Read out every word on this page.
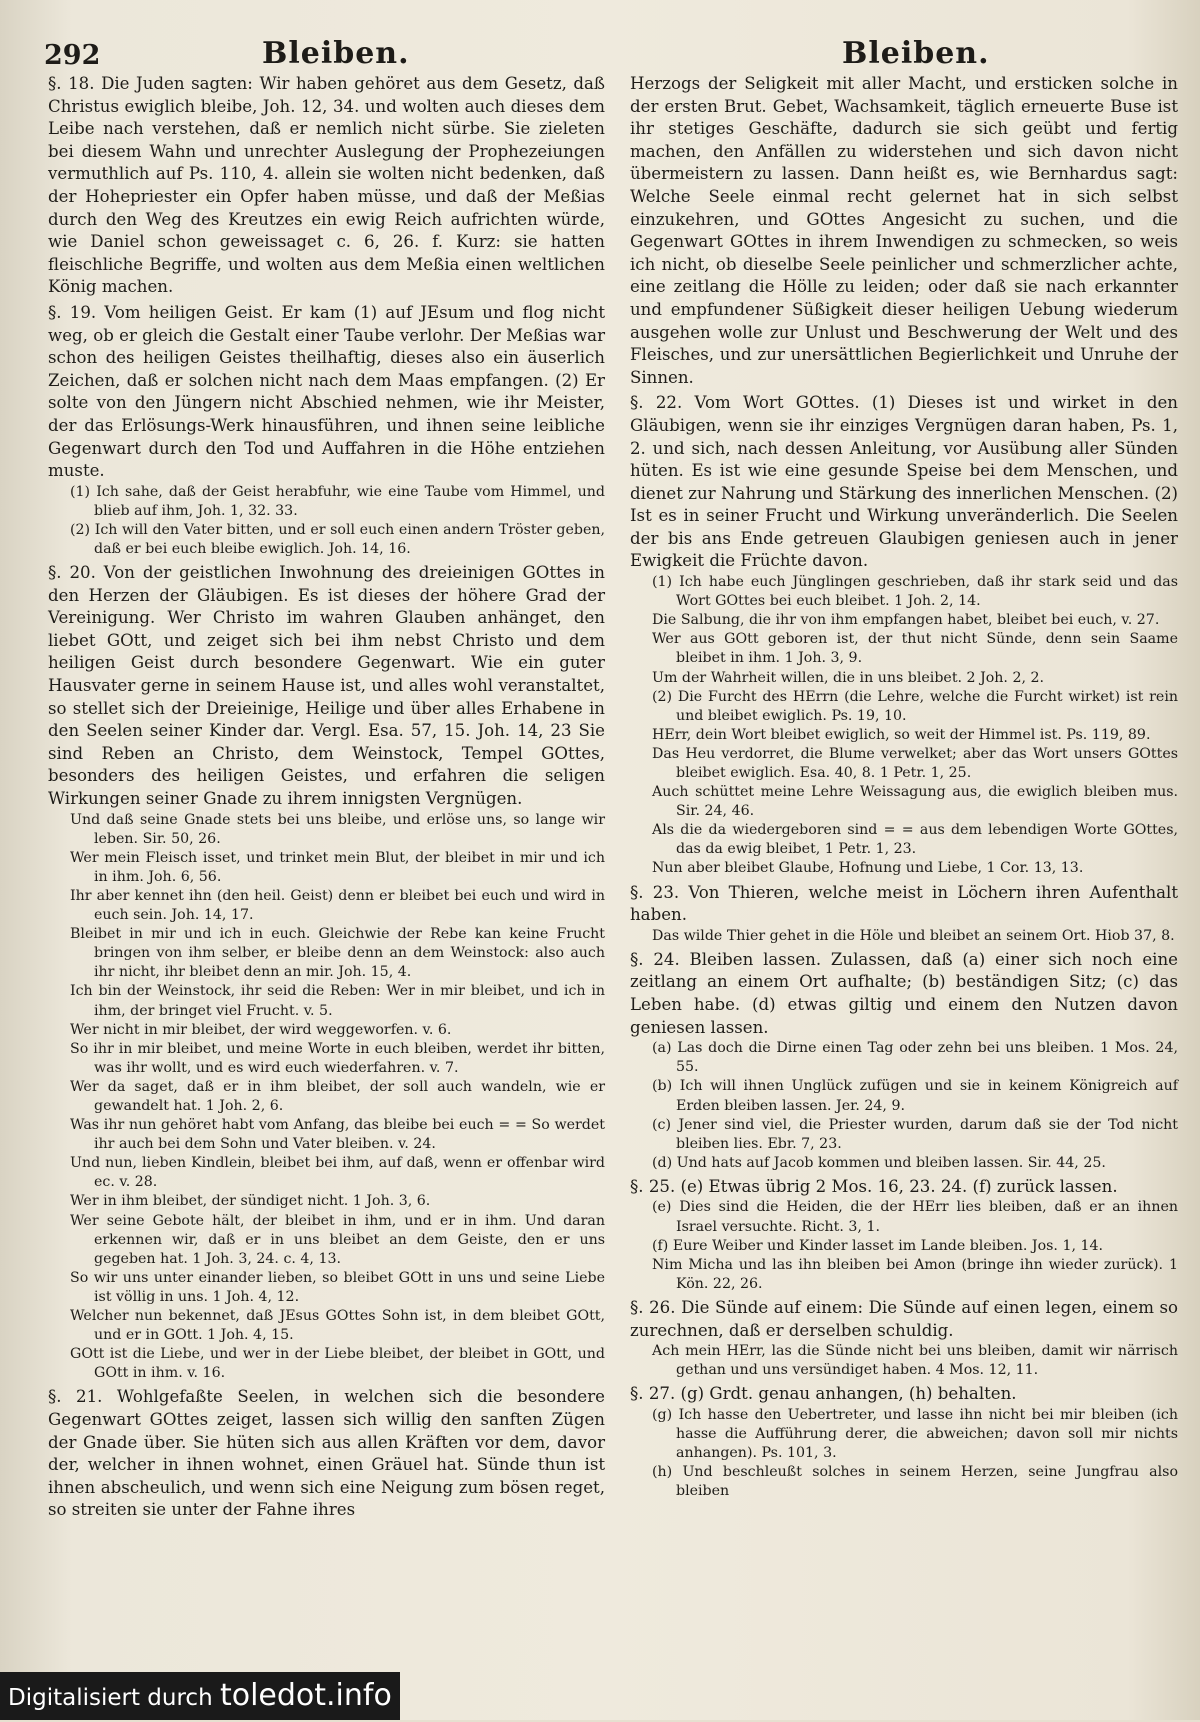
292	Bleiben.	Bleiben.

§. 18. Die Juden sagten: Wir haben gehöret aus dem Gesetz, daß Christus ewiglich bleibe, Joh. 12, 34. und wolten auch dieses dem Leibe nach verstehen, daß er nemlich nicht sürbe. Sie zieleten bei diesem Wahn und unrechter Auslegung der Prophezeiungen vermuthlich auf Ps. 110, 4. allein sie wolten nicht bedenken, daß der Hohepriester ein Opfer haben müsse, und daß der Meßias durch den Weg des Kreutzes ein ewig Reich aufrichten würde, wie Daniel schon geweissaget c. 6, 26. f. Kurz: sie hatten fleischliche Begriffe, und wolten aus dem Meßia einen weltlichen König machen.

§. 19. Vom heiligen Geist. Er kam (1) auf JEsum und flog nicht weg, ob er gleich die Gestalt einer Taube verlohr. Der Meßias war schon des heiligen Geistes theilhaftig, dieses also ein äuserlich Zeichen, daß er solchen nicht nach dem Maas empfangen. (2) Er solte von den Jüngern nicht Abschied nehmen, wie ihr Meister, der das Erlösungs-Werk hinausführen, und ihnen seine leibliche Gegenwart durch den Tod und Auffahren in die Höhe entziehen muste.

(1) Ich sahe, daß der Geist herabfuhr, wie eine Taube vom Himmel, und blieb auf ihm, Joh. 1, 32. 33.

(2) Ich will den Vater bitten, und er soll euch einen andern Tröster geben, daß er bei euch bleibe ewiglich. Joh. 14, 16.

§. 20. Von der geistlichen Inwohnung des dreieinigen GOttes in den Herzen der Gläubigen. Es ist dieses der höhere Grad der Vereinigung. Wer Christo im wahren Glauben anhänget, den liebet GOtt, und zeiget sich bei ihm nebst Christo und dem heiligen Geist durch besondere Gegenwart. Wie ein guter Hausvater gerne in seinem Hause ist, und alles wohl veranstaltet, so stellet sich der Dreieinige, Heilige und über alles Erhabene in den Seelen seiner Kinder dar. Vergl. Esa. 57, 15. Joh. 14, 23 Sie sind Reben an Christo, dem Weinstock, Tempel GOttes, besonders des heiligen Geistes, und erfahren die seligen Wirkungen seiner Gnade zu ihrem innigsten Vergnügen.

Und daß seine Gnade stets bei uns bleibe, und erlöse uns, so lange wir leben. Sir. 50, 26.

Wer mein Fleisch isset, und trinket mein Blut, der bleibet in mir und ich in ihm. Joh. 6, 56.

Ihr aber kennet ihn (den heil. Geist) denn er bleibet bei euch und wird in euch sein. Joh. 14, 17.

Bleibet in mir und ich in euch. Gleichwie der Rebe kan keine Frucht bringen von ihm selber, er bleibe denn an dem Weinstock: also auch ihr nicht, ihr bleibet denn an mir. Joh. 15, 4.

Ich bin der Weinstock, ihr seid die Reben: Wer in mir bleibet, und ich in ihm, der bringet viel Frucht. v. 5.

Wer nicht in mir bleibet, der wird weggeworfen. v. 6.

So ihr in mir bleibet, und meine Worte in euch bleiben, werdet ihr bitten, was ihr wollt, und es wird euch wiederfahren. v. 7.

Wer da saget, daß er in ihm bleibet, der soll auch wandeln, wie er gewandelt hat. 1 Joh. 2, 6.

Was ihr nun gehöret habt vom Anfang, das bleibe bei euch = = So werdet ihr auch bei dem Sohn und Vater bleiben. v. 24.

Und nun, lieben Kindlein, bleibet bei ihm, auf daß, wenn er offenbar wird ec. v. 28.

Wer in ihm bleibet, der sündiget nicht. 1 Joh. 3, 6.

Wer seine Gebote hält, der bleibet in ihm, und er in ihm. Und daran erkennen wir, daß er in uns bleibet an dem Geiste, den er uns gegeben hat. 1 Joh. 3, 24. c. 4, 13.

So wir uns unter einander lieben, so bleibet GOtt in uns und seine Liebe ist völlig in uns. 1 Joh. 4, 12.

Welcher nun bekennet, daß JEsus GOttes Sohn ist, in dem bleibet GOtt, und er in GOtt. 1 Joh. 4, 15.

GOtt ist die Liebe, und wer in der Liebe bleibet, der bleibet in GOtt, und GOtt in ihm. v. 16.

§. 21. Wohlgefaßte Seelen, in welchen sich die besondere Gegenwart GOttes zeiget, lassen sich willig den sanften Zügen der Gnade über. Sie hüten sich aus allen Kräften vor dem, davor der, welcher in ihnen wohnet, einen Gräuel hat. Sünde thun ist ihnen abscheulich, und wenn sich eine Neigung zum bösen reget, so streiten sie unter der Fahne ihres

Herzogs der Seligkeit mit aller Macht, und ersticken solche in der ersten Brut. Gebet, Wachsamkeit, täglich erneuerte Buse ist ihr stetiges Geschäfte, dadurch sie sich geübt und fertig machen, den Anfällen zu widerstehen und sich davon nicht übermeistern zu lassen. Dann heißt es, wie Bernhardus sagt: Welche Seele einmal recht gelernet hat in sich selbst einzukehren, und GOttes Angesicht zu suchen, und die Gegenwart GOttes in ihrem Inwendigen zu schmecken, so weis ich nicht, ob dieselbe Seele peinlicher und schmerzlicher achte, eine zeitlang die Hölle zu leiden; oder daß sie nach erkannter und empfundener Süßigkeit dieser heiligen Uebung wiederum ausgehen wolle zur Unlust und Beschwerung der Welt und des Fleisches, und zur unersättlichen Begierlichkeit und Unruhe der Sinnen.

§. 22. Vom Wort GOttes. (1) Dieses ist und wirket in den Gläubigen, wenn sie ihr einziges Vergnügen daran haben, Ps. 1, 2. und sich, nach dessen Anleitung, vor Ausübung aller Sünden hüten. Es ist wie eine gesunde Speise bei dem Menschen, und dienet zur Nahrung und Stärkung des innerlichen Menschen. (2) Ist es in seiner Frucht und Wirkung unveränderlich. Die Seelen der bis ans Ende getreuen Glaubigen geniesen auch in jener Ewigkeit die Früchte davon.

(1) Ich habe euch Jünglingen geschrieben, daß ihr stark seid und das Wort GOttes bei euch bleibet. 1 Joh. 2, 14.

Die Salbung, die ihr von ihm empfangen habet, bleibet bei euch, v. 27.

Wer aus GOtt geboren ist, der thut nicht Sünde, denn sein Saame bleibet in ihm. 1 Joh. 3, 9.

Um der Wahrheit willen, die in uns bleibet. 2 Joh. 2, 2.

(2) Die Furcht des HErrn (die Lehre, welche die Furcht wirket) ist rein und bleibet ewiglich. Ps. 19, 10.

HErr, dein Wort bleibet ewiglich, so weit der Himmel ist. Ps. 119, 89.

Das Heu verdorret, die Blume verwelket; aber das Wort unsers GOttes bleibet ewiglich. Esa. 40, 8. 1 Petr. 1, 25.

Auch schüttet meine Lehre Weissagung aus, die ewiglich bleiben mus. Sir. 24, 46.

Als die da wiedergeboren sind = = aus dem lebendigen Worte GOttes, das da ewig bleibet, 1 Petr. 1, 23.

Nun aber bleibet Glaube, Hofnung und Liebe, 1 Cor. 13, 13.

§. 23. Von Thieren, welche meist in Löchern ihren Aufenthalt haben.

Das wilde Thier gehet in die Höle und bleibet an seinem Ort. Hiob 37, 8.

§. 24. Bleiben lassen. Zulassen, daß (a) einer sich noch eine zeitlang an einem Ort aufhalte; (b) beständigen Sitz; (c) das Leben habe. (d) etwas giltig und einem den Nutzen davon geniesen lassen.

(a) Las doch die Dirne einen Tag oder zehn bei uns bleiben. 1 Mos. 24, 55.

(b) Ich will ihnen Unglück zufügen und sie in keinem Königreich auf Erden bleiben lassen. Jer. 24, 9.

(c) Jener sind viel, die Priester wurden, darum daß sie der Tod nicht bleiben lies. Ebr. 7, 23.

(d) Und hats auf Jacob kommen und bleiben lassen. Sir. 44, 25.

§. 25. (e) Etwas übrig 2 Mos. 16, 23. 24. (f) zurück lassen.

(e) Dies sind die Heiden, die der HErr lies bleiben, daß er an ihnen Israel versuchte. Richt. 3, 1.

(f) Eure Weiber und Kinder lasset im Lande bleiben. Jos. 1, 14.

Nim Micha und las ihn bleiben bei Amon (bringe ihn wieder zurück). 1 Kön. 22, 26.

§. 26. Die Sünde auf einem: Die Sünde auf einen legen, einem so zurechnen, daß er derselben schuldig.

Ach mein HErr, las die Sünde nicht bei uns bleiben, damit wir närrisch gethan und uns versündiget haben. 4 Mos. 12, 11.

§. 27. (g) Grdt. genau anhangen, (h) behalten.

(g) Ich hasse den Uebertreter, und lasse ihn nicht bei mir bleiben (ich hasse die Aufführung derer, die abweichen; davon soll mir nichts anhangen). Ps. 101, 3.

(h) Und beschleußt solches in seinem Herzen, seine Jungfrau also bleiben

Digitalisiert durch toledot.info
